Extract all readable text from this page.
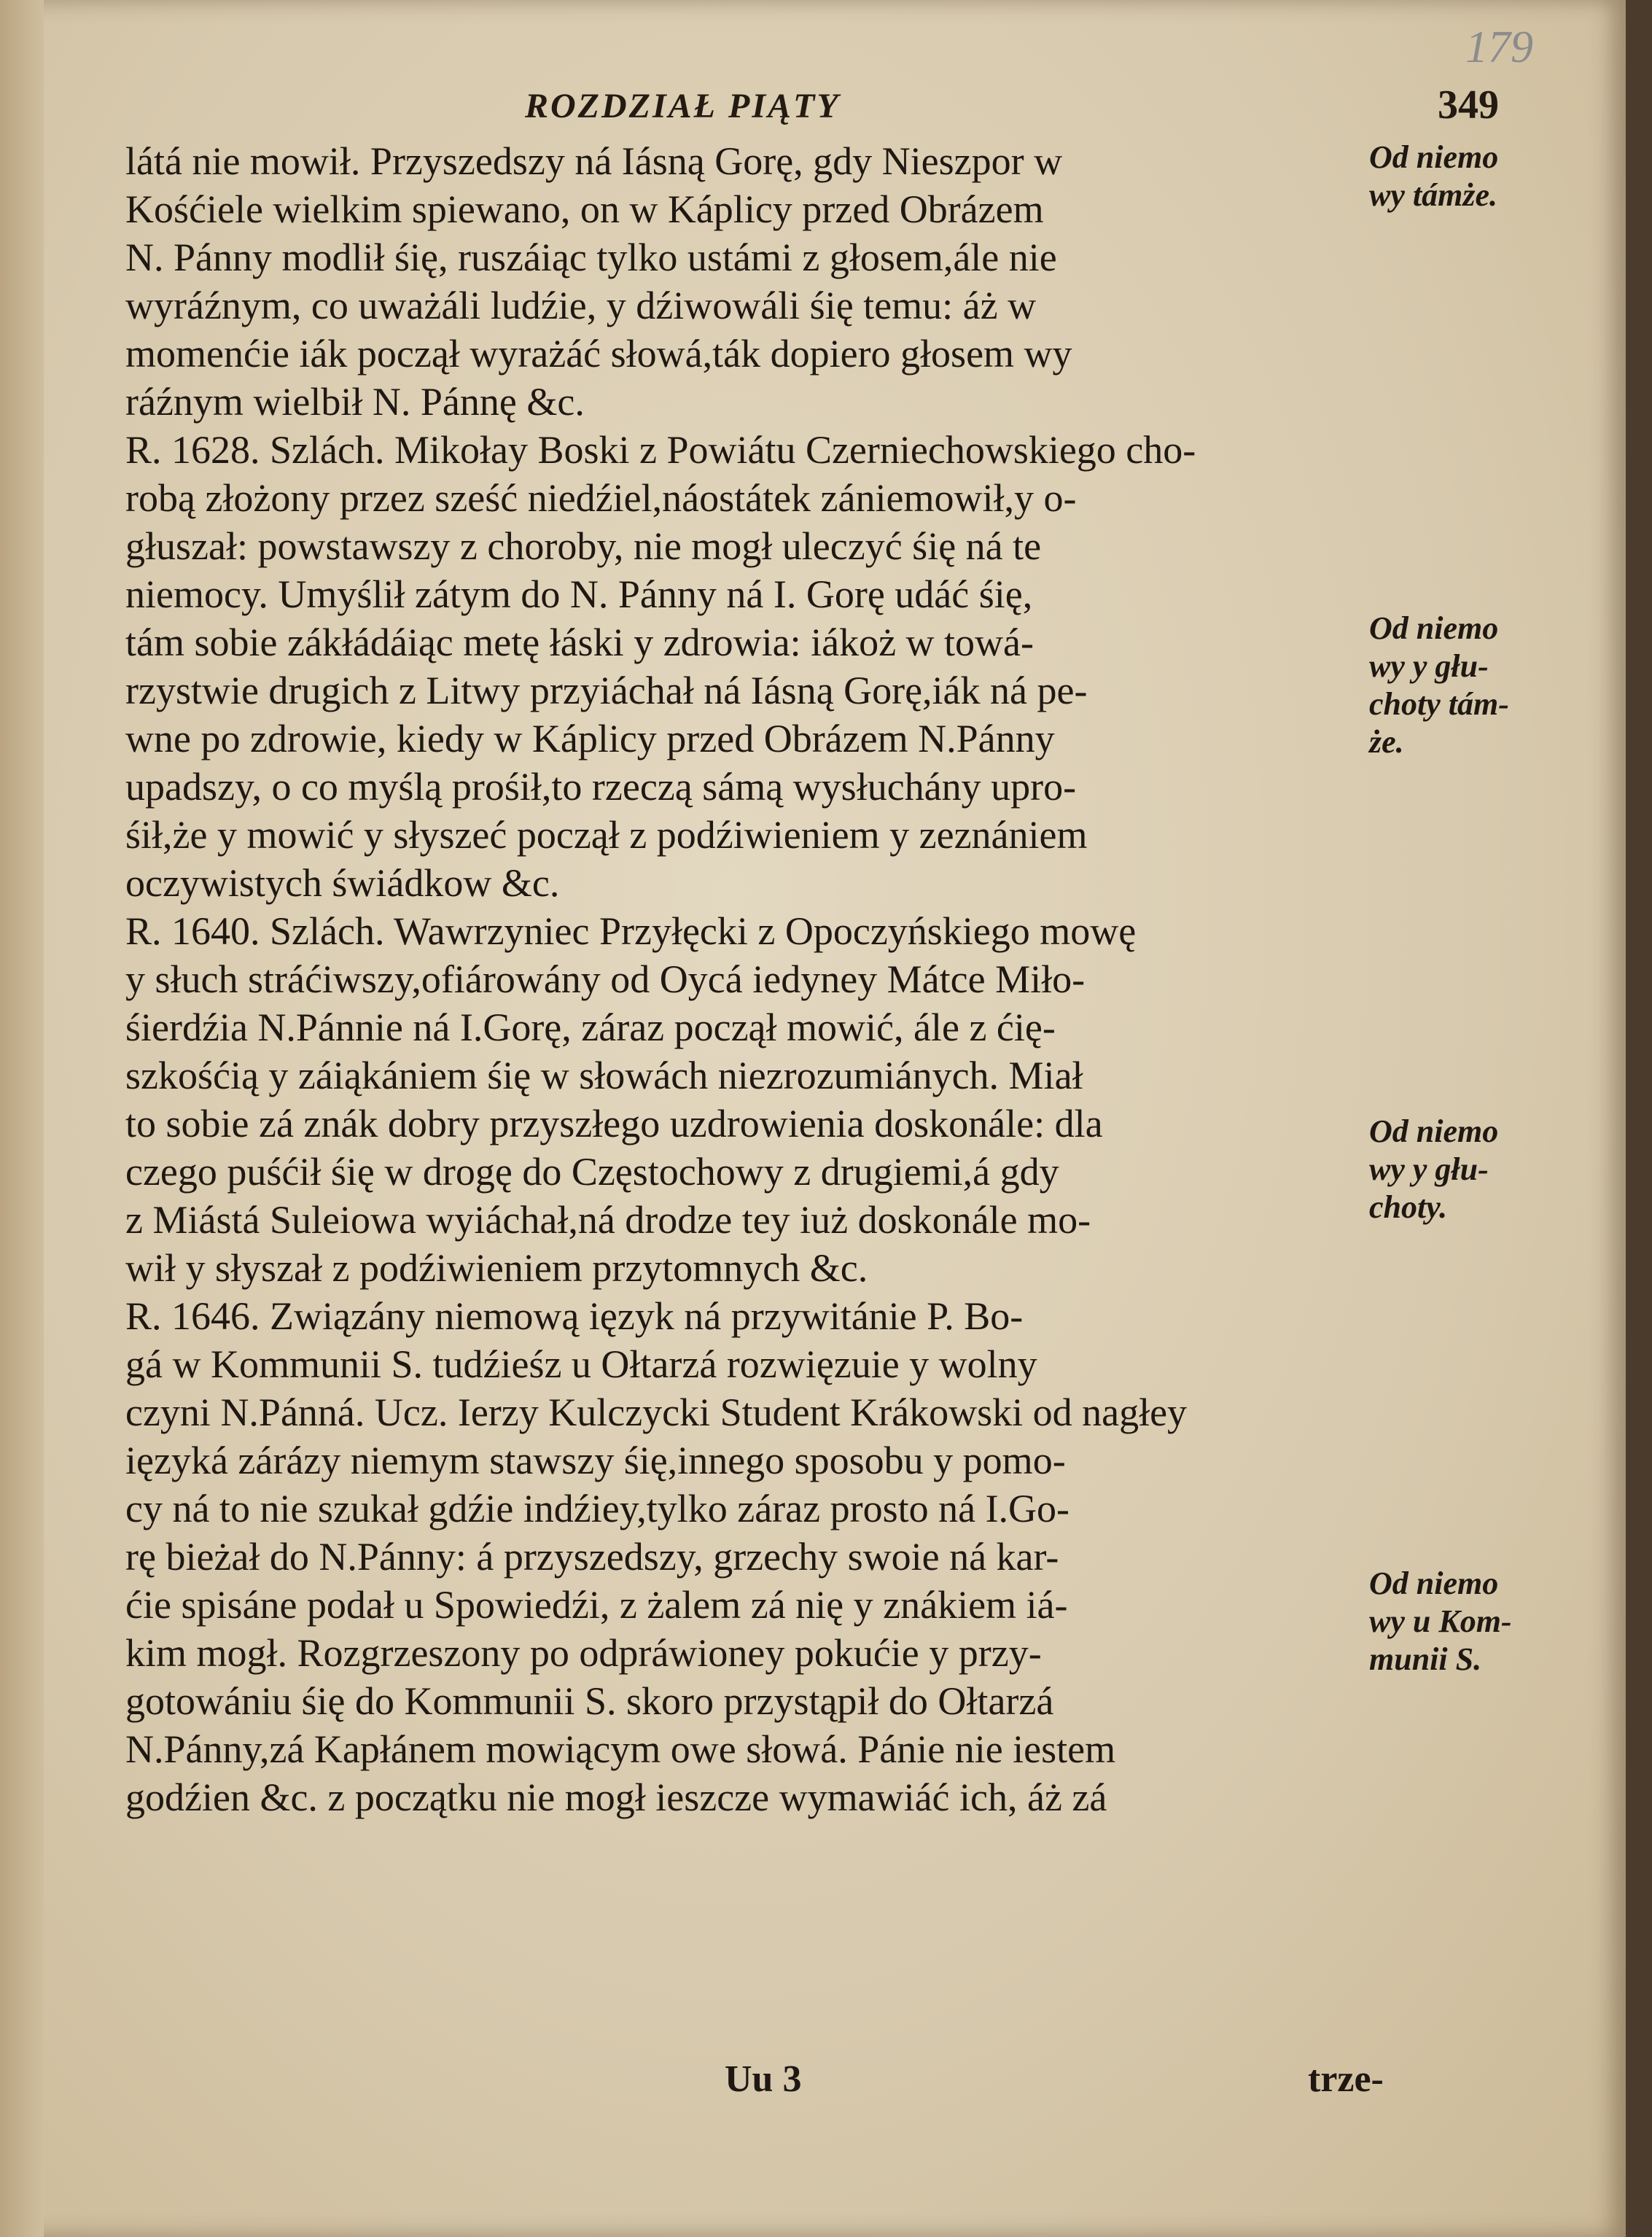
179
ROZDZIAŁ PIĄTY	349
látá nie mowił. Przyszedszy ná Iásną Gorę, gdy Nieszpor w
Kośćiele wielkim spiewano, on w Káplicy przed Obrázem
N. Pánny modlił śię, ruszáiąc tylko ustámi z głosem,ále nie
wyráźnym, co uważáli ludźie, y dźiwowáli śię temu: áż w
momenćie iák począł wyrażáć słowá,ták dopiero głosem wy
ráźnym wielbił N. Pánnę &c.
R. 1628. Szlách. Mikołay Boski z Powiátu Czerniechowskiego cho-
robą złożony przez sześć niedźiel,náostátek zániemowił,y o-
głuszał: powstawszy z choroby, nie mogł uleczyć śię ná te
niemocy. Umyślił zátym do N. Pánny ná I. Gorę udáć śię,
tám sobie zákłádáiąc metę łáski y zdrowia: iákoż w towá-
rzystwie drugich z Litwy przyiáchał ná Iásną Gorę,iák ná pe-
wne po zdrowie, kiedy w Káplicy przed Obrázem N.Pánny
upadszy, o co myślą prośił,to rzeczą sámą wysłuchány upro-
śił,że y mowić y słyszeć począł z podźiwieniem y zeznániem
oczywistych świádkow &c.
R. 1640. Szlách. Wawrzyniec Przyłęcki z Opoczyńskiego mowę
y słuch stráćiwszy,ofiárowány od Oycá iedyney Mátce Miło-
śierdźia N.Pánnie ná I.Gorę, záraz począł mowić, ále z ćię-
szkośćią y záiąkániem śię w słowách niezrozumiánych. Miał
to sobie zá znák dobry przyszłego uzdrowienia doskonále: dla
czego puśćił śię w drogę do Częstochowy z drugiemi,á gdy
z Miástá Suleiowa wyiáchał,ná drodze tey iuż doskonále mo-
wił y słyszał z podźiwieniem przytomnych &c.
R. 1646. Związány niemową ięzyk ná przywitánie P. Bo-
gá w Kommunii S. tudźieśz u Ołtarzá rozwięzuie y wolny
czyni N.Pánná. Ucz. Ierzy Kulczycki Student Krákowski od nagłey
ięzyká zárázy niemym stawszy śię,innego sposobu y pomo-
cy ná to nie szukał gdźie indźiey,tylko záraz prosto ná I.Go-
rę bieżał do N.Pánny: á przyszedszy, grzechy swoie ná kar-
ćie spisáne podał u Spowiedźi, z żalem zá nię y znákiem iá-
kim mogł. Rozgrzeszony po odpráwioney pokućie y przy-
gotowániu śię do Kommunii S. skoro przystąpił do Ołtarzá
N.Pánny,zá Kapłánem mowiącym owe słowá. Pánie nie iestem
godźien &c. z początku nie mogł ieszcze wymawiáć ich, áż zá
Od niemo
wy támże.
Od niemo
wy y głu-
choty tám-
że.
Od niemo
wy y głu-
choty.
Od niemo
wy u Kom-
munii S.
Uu 3	trze-
